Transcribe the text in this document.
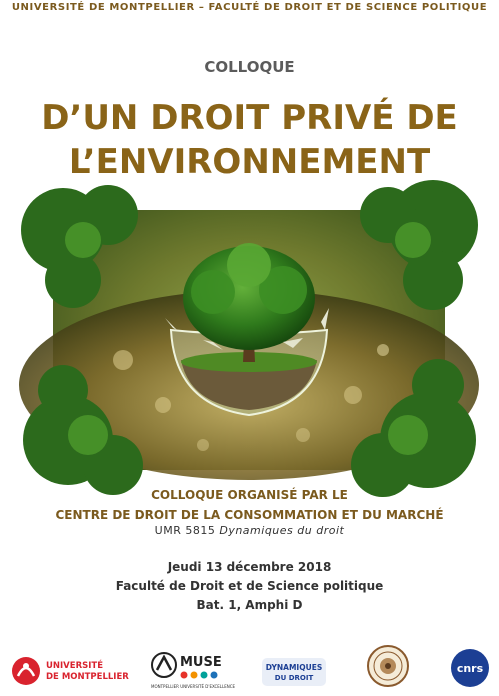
UNIVERSITÉ DE MONTPELLIER – FACULTÉ DE DROIT ET DE SCIENCE POLITIQUE
COLLOQUE
D’UN DROIT PRIVÉ DE
L’ENVIRONNEMENT
COLLOQUE ORGANISÉ PAR LE
CENTRE DE DROIT DE LA CONSOMMATION ET DU MARCHÉ
UMR 5815 Dynamiques du droit
Jeudi 13 décembre 2018
Faculté de Droit et de Science politique
Bat. 1, Amphi D
UNIVERSITÉ
DE MONTPELLIER
MUSE
MONTPELLIER UNIVERSITÉ D'EXCELLENCE
DYNAMIQUES
DU DROIT
cnrs
